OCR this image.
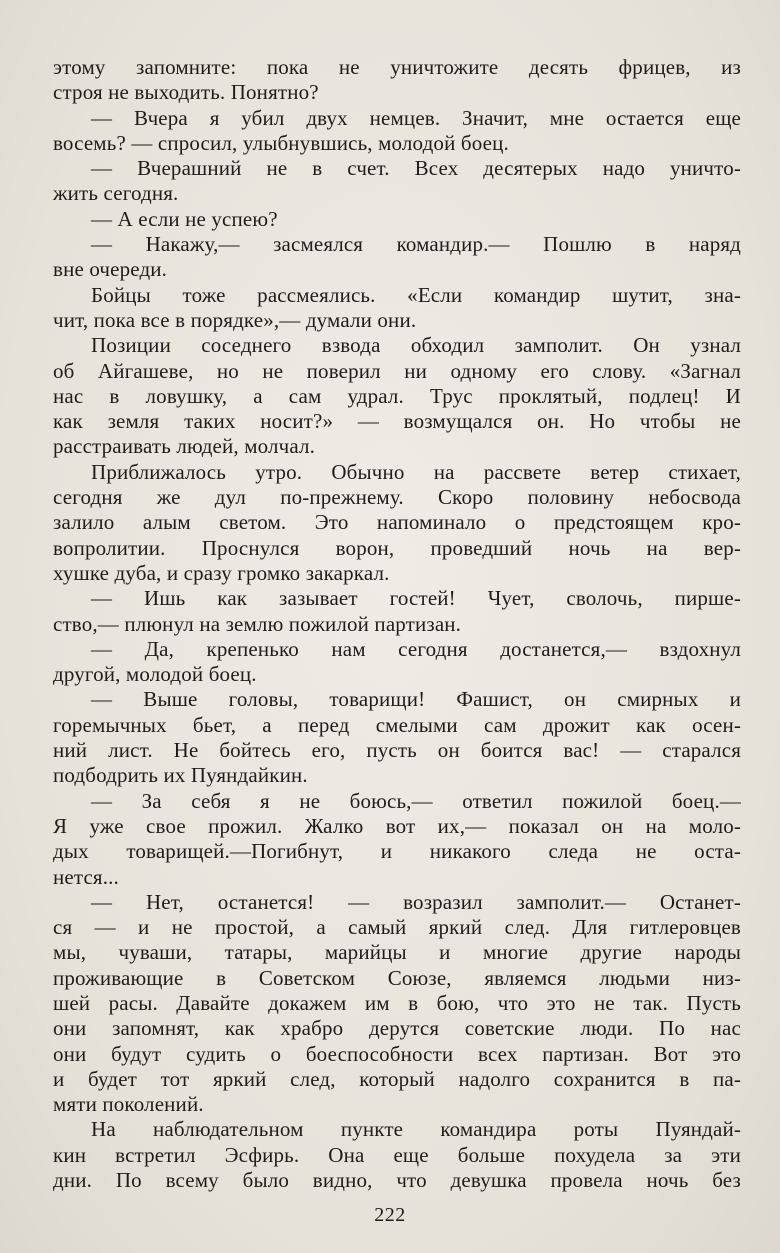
этому запомните: пока не уничтожите десять фрицев, из
строя не выходить. Понятно?
— Вчера я убил двух немцев. Значит, мне остается еще
восемь? — спросил, улыбнувшись, молодой боец.
— Вчерашний не в счет. Всех десятерых надо уничто-
жить сегодня.
— А если не успею?
— Накажу,— засмеялся командир.— Пошлю в наряд
вне очереди.
Бойцы тоже рассмеялись. «Если командир шутит, зна-
чит, пока все в порядке»,— думали они.
Позиции соседнего взвода обходил замполит. Он узнал
об Айгашеве, но не поверил ни одному его слову. «Загнал
нас в ловушку, а сам удрал. Трус проклятый, подлец! И
как земля таких носит?» — возмущался он. Но чтобы не
расстраивать людей, молчал.
Приближалось утро. Обычно на рассвете ветер стихает,
сегодня же дул по-прежнему. Скоро половину небосвода
залило алым светом. Это напоминало о предстоящем кро-
вопролитии. Проснулся ворон, проведший ночь на вер-
хушке дуба, и сразу громко закаркал.
— Ишь как зазывает гостей! Чует, сволочь, пирше-
ство,— плюнул на землю пожилой партизан.
— Да, крепенько нам сегодня достанется,— вздохнул
другой, молодой боец.
— Выше головы, товарищи! Фашист, он смирных и
горемычных бьет, а перед смелыми сам дрожит как осен-
ний лист. Не бойтесь его, пусть он боится вас! — старался
подбодрить их Пуяндайкин.
— За себя я не боюсь,— ответил пожилой боец.—
Я уже свое прожил. Жалко вот их,— показал он на моло-
дых товарищей.—Погибнут, и никакого следа не оста-
нется...
— Нет, останется! — возразил замполит.— Останет-
ся — и не простой, а самый яркий след. Для гитлеровцев
мы, чуваши, татары, марийцы и многие другие народы
проживающие в Советском Союзе, являемся людьми низ-
шей расы. Давайте докажем им в бою, что это не так. Пусть
они запомнят, как храбро дерутся советские люди. По нас
они будут судить о боеспособности всех партизан. Вот это
и будет тот яркий след, который надолго сохранится в па-
мяти поколений.
На наблюдательном пункте командира роты Пуяндай-
кин встретил Эсфирь. Она еще больше похудела за эти
дни. По всему было видно, что девушка провела ночь без
222
